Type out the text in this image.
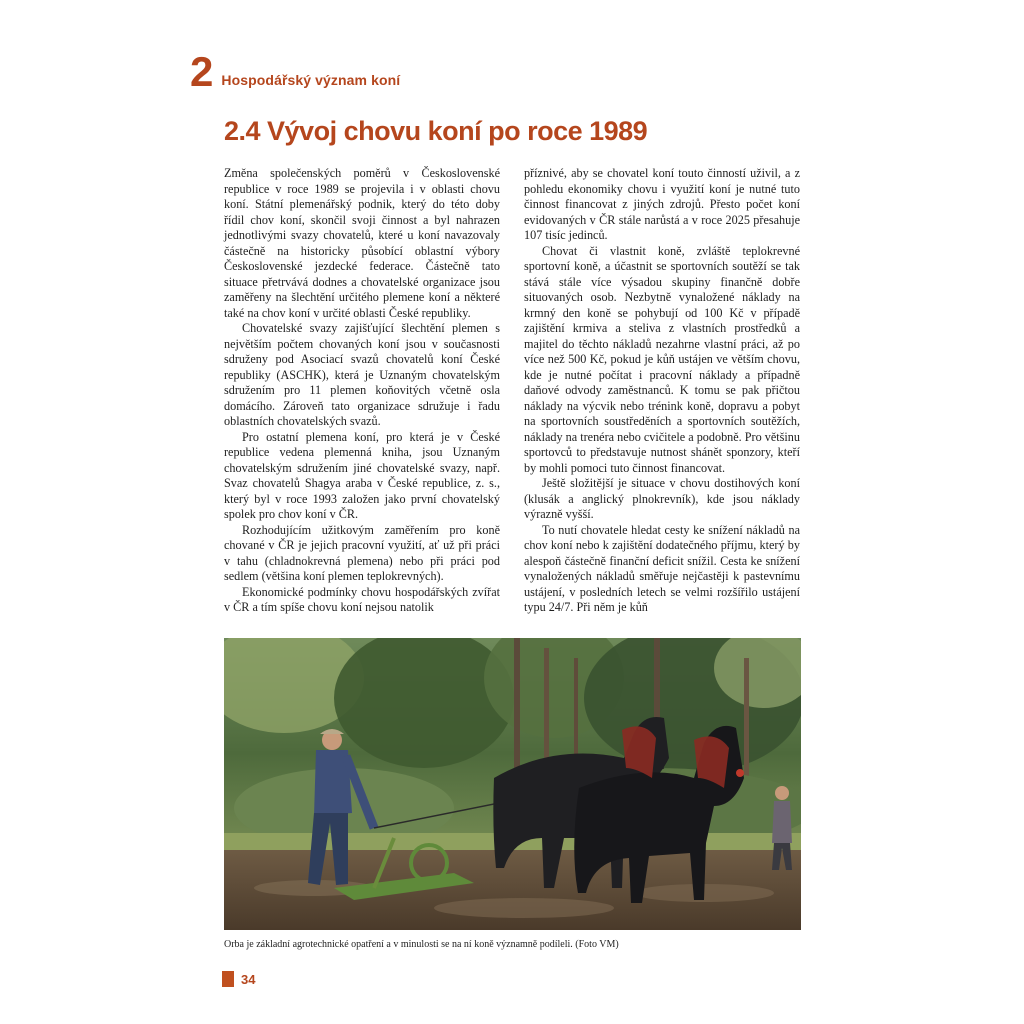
2 Hospodářský význam koní
2.4 Vývoj chovu koní po roce 1989

Změna společenských poměrů v Československé republice v roce 1989 se projevila i v oblasti chovu koní. Státní plemenářský podnik, který do této doby řídil chov koní, skončil svoji činnost a byl nahrazen jednotlivými svazy chovatelů, které u koní navazovaly částečně na historicky působící oblastní výbory Československé jezdecké federace. Částečně tato situace přetrvává dodnes a chovatelské organizace jsou zaměřeny na šlechtění určitého plemene koní a některé také na chov koní v určité oblasti České republiky.

Chovatelské svazy zajišťující šlechtění plemen s největším počtem chovaných koní jsou v současnosti sdruženy pod Asociací svazů chovatelů koní České republiky (ASCHK), která je Uznaným chovatelským sdružením pro 11 plemen koňovitých včetně osla domácího. Zároveň tato organizace sdružuje i řadu oblastních chovatelských svazů.

Pro ostatní plemena koní, pro která je v České republice vedena plemenná kniha, jsou Uznaným chovatelským sdružením jiné chovatelské svazy, např. Svaz chovatelů Shagya araba v České republice, z. s., který byl v roce 1993 založen jako první chovatelský spolek pro chov koní v ČR.

Rozhodujícím užitkovým zaměřením pro koně chované v ČR je jejich pracovní využití, ať už při práci v tahu (chladnokrevná plemena) nebo při práci pod sedlem (většina koní plemen teplokrevných).

Ekonomické podmínky chovu hospodářských zvířat v ČR a tím spíše chovu koní nejsou natolik

příznivé, aby se chovatel koní touto činností uživil, a z pohledu ekonomiky chovu i využití koní je nutné tuto činnost financovat z jiných zdrojů. Přesto počet koní evidovaných v ČR stále narůstá a v roce 2025 přesahuje 107 tisíc jedinců.

Chovat či vlastnit koně, zvláště teplokrevné sportovní koně, a účastnit se sportovních soutěží se tak stává stále více výsadou skupiny finančně dobře situovaných osob. Nezbytně vynaložené náklady na krmný den koně se pohybují od 100 Kč v případě zajištění krmiva a steliva z vlastních prostředků a majitel do těchto nákladů nezahrne vlastní práci, až po více než 500 Kč, pokud je kůň ustájen ve větším chovu, kde je nutné počítat i pracovní náklady a případně daňové odvody zaměstnanců. K tomu se pak přičtou náklady na výcvik nebo trénink koně, dopravu a pobyt na sportovních soustředěních a sportovních soutěžích, náklady na trenéra nebo cvičitele a podobně. Pro většinu sportovců to představuje nutnost shánět sponzory, kteří by mohli pomoci tuto činnost financovat.

Ještě složitější je situace v chovu dostihových koní (klusák a anglický plnokrevník), kde jsou náklady výrazně vyšší.

To nutí chovatele hledat cesty ke snížení nákladů na chov koní nebo k zajištění dodatečného příjmu, který by alespoň částečně finanční deficit snížil. Cesta ke snížení vynaložených nákladů směřuje nejčastěji k pastevnímu ustájení, v posledních letech se velmi rozšířilo ustájení typu 24/7. Při něm je kůň

Orba je základní agrotechnické opatření a v minulosti se na ní koně významně podíleli. (Foto VM)
34
